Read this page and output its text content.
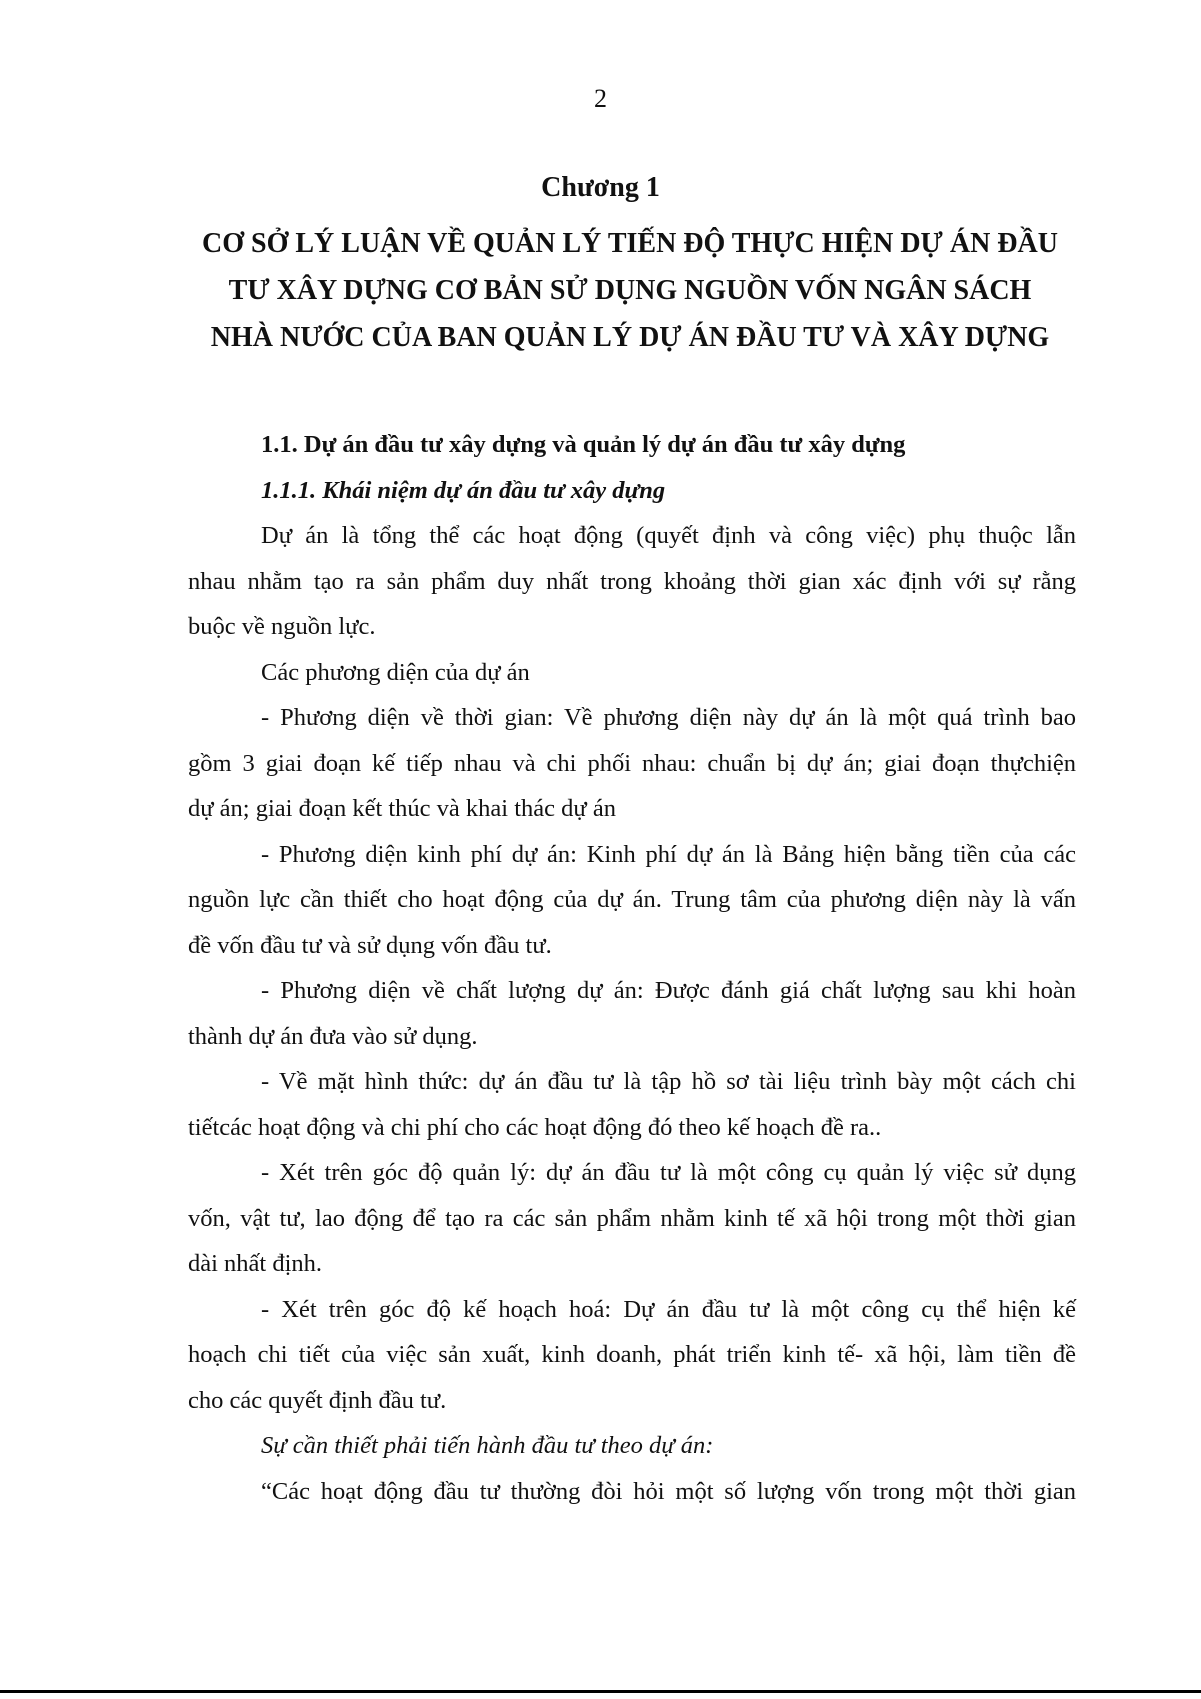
2
Chương 1
CƠ SỞ LÝ LUẬN VỀ QUẢN LÝ TIẾN ĐỘ THỰC HIỆN DỰ ÁN ĐẦU
TƯ XÂY DỰNG CƠ BẢN SỬ DỤNG NGUỒN VỐN NGÂN SÁCH
NHÀ NƯỚC CỦA BAN QUẢN LÝ DỰ ÁN ĐẦU TƯ VÀ XÂY DỰNG
1.1. Dự án đầu tư xây dựng và quản lý dự án đầu tư xây dựng
1.1.1. Khái niệm dự án đầu tư xây dựng
Dự án là tổng thể các hoạt động (quyết định và công việc) phụ thuộc lẫn
nhau nhằm tạo ra sản phẩm duy nhất trong khoảng thời gian xác định với sự rằng
buộc về nguồn lực.
Các phương diện của dự án
- Phương diện về thời gian: Về phương diện này dự án là một quá trình bao
gồm 3 giai đoạn kế tiếp nhau và chi phối nhau: chuẩn bị dự án; giai đoạn thựchiện
dự án; giai đoạn kết thúc và khai thác dự án
- Phương diện kinh phí dự án: Kinh phí dự án là Bảng hiện bằng tiền của các
nguồn lực cần thiết cho hoạt động của dự án. Trung tâm của phương diện này là vấn
đề vốn đầu tư và sử dụng vốn đầu tư.
- Phương diện về chất lượng dự án: Được đánh giá chất lượng sau khi hoàn
thành dự án đưa vào sử dụng.
- Về mặt hình thức: dự án đầu tư là tập hồ sơ tài liệu trình bày một cách chi
tiếtcác hoạt động và chi phí cho các hoạt động đó theo kế hoạch đề ra..
- Xét trên góc độ quản lý: dự án đầu tư là một công cụ quản lý việc sử dụng
vốn, vật tư, lao động để tạo ra các sản phẩm nhằm kinh tế xã hội trong một thời gian
dài nhất định.
- Xét trên góc độ kế hoạch hoá: Dự án đầu tư là một công cụ thể hiện kế
hoạch chi tiết của việc sản xuất, kinh doanh, phát triển kinh tế- xã hội, làm tiền đề
cho các quyết định đầu tư.
Sự cần thiết phải tiến hành đầu tư theo dự án:
“Các hoạt động đầu tư thường đòi hỏi một số lượng vốn trong một thời gian
